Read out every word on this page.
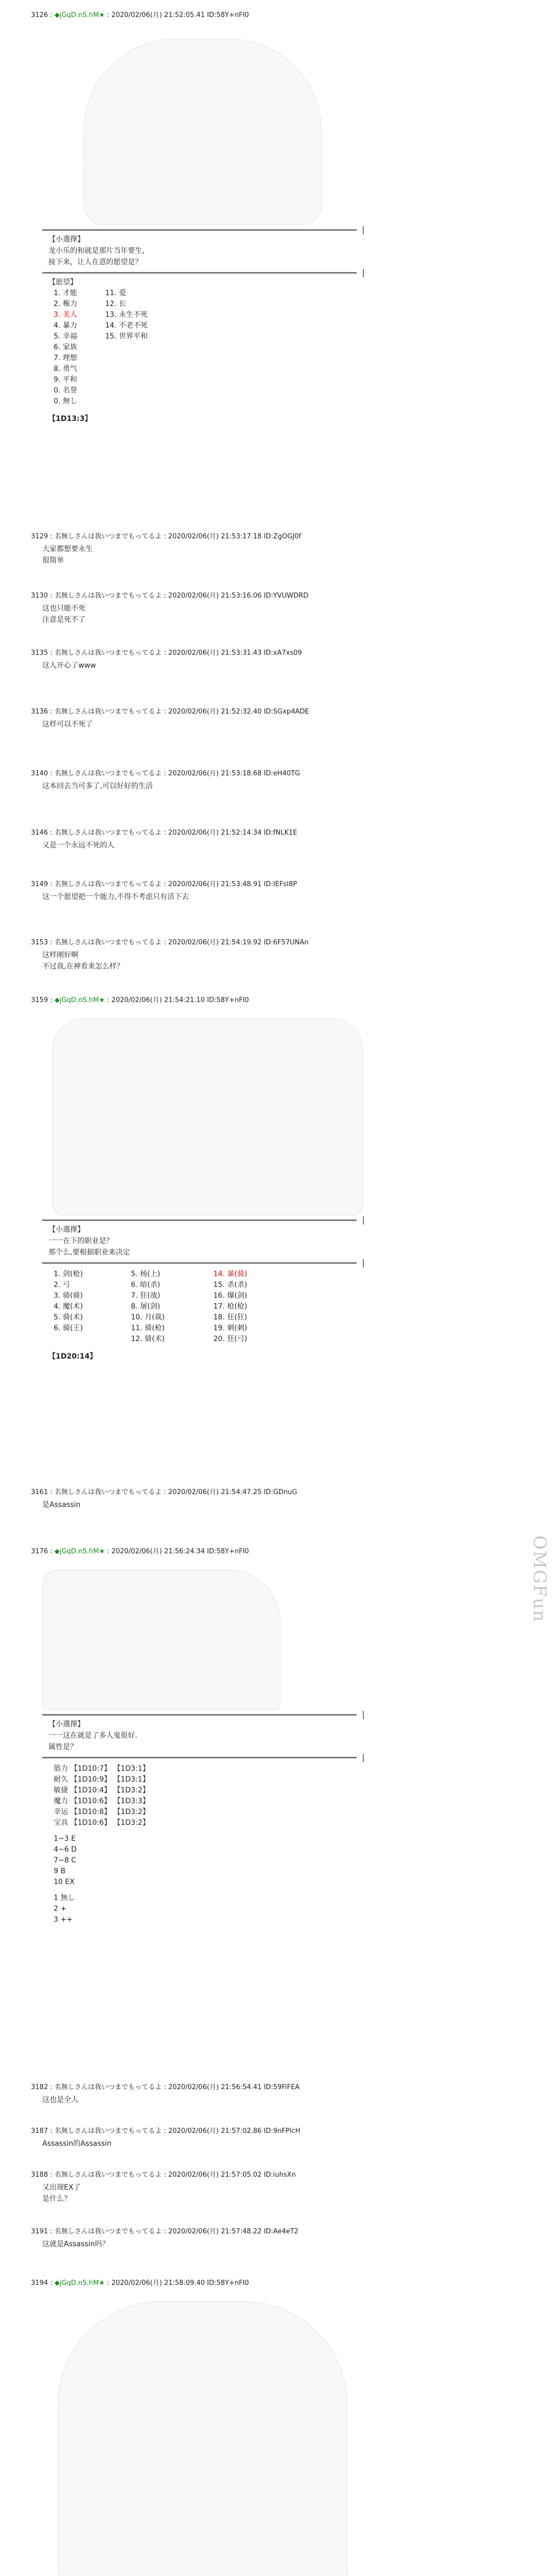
OMGFun
3126 : ◆jGqD.nS.hM★ : 2020/02/06(月) 21:52:05.41 ID:58Y+nFI0
【小選擇】
龙小乐的和就是那片当年要生,
接下来，让人在意的愿望是？
【愿望】
1. 才能
2. 権力
3. 美人
4. 暴力
5. 幸福
6. 家族
7. 理想
8. 勇气
9. 平和
0. 名誉
0. 無し
11. 爱
12. 长
13. 永生不死
14. 不老不死
15. 世界平和
【1D13:3】
3129 : 名無しさんは我いつまでもってるよ : 2020/02/06(月) 21:53:17.18 ID:ZgOGJ0f
大家都想要永生
很简单
3130 : 名無しさんは我いつまでもってるよ : 2020/02/06(月) 21:53:16.06 ID:YVUWDRD
这也只能不死
注意是死不了
3135 : 名無しさんは我いつまでもってるよ : 2020/02/06(月) 21:53:31.43 ID:xA7xs09
这人开心了www
3136 : 名無しさんは我いつまでもってるよ : 2020/02/06(月) 21:52:32.40 ID:SGxp4ADE
这样可以不死了
3140 : 名無しさんは我いつまでもってるよ : 2020/02/06(月) 21:53:18.68 ID:eH40TG
这本回去当可多了,可以好好的生活
3146 : 名無しさんは我いつまでもってるよ : 2020/02/06(月) 21:52:14.34 ID:fNLK1E
又是一个永远不死的人
3149 : 名無しさんは我いつまでもってるよ : 2020/02/06(月) 21:53:48.91 ID:IEFsI8P
这一个愿望把一个能力,不得不考虑只有活下去
3153 : 名無しさんは我いつまでもってるよ : 2020/02/06(月) 21:54:19.92 ID:6F57UNAn
这样刚好啊
不过我,在神看来怎么样？
3159 : ◆jGqD.nS.hM★ : 2020/02/06(月) 21:54:21.10 ID:58Y+nFI0
【小選擇】
一一在下的职业是？
那个么,要根据职业来决定
1. 剑(枪)
2. 弓
3. 骑(骑)
4. 魔(术)
5. 骑(术)
6. 骑(王)
5. 杨(上)
6. 暗(杀)
7. 狂(战)
8. 屠(剑)
10. 月(裁)
11. 骑(枪)
12. 骑(术)
14. 暴(骑)
15. 杀(杀)
16. 爆(剑)
17. 枪(枪)
18. 狂(狂)
19. 刺(刺)
20. 狂(弓)
【1D20:14】
3161 : 名無しさんは我いつまでもってるよ : 2020/02/06(月) 21:54:47.25 ID:GDnuG
是Assassin
3176 : ◆jGqD.nS.hM★ : 2020/02/06(月) 21:56:24.34 ID:58Y+nFI0
【小選擇】
一一这在就是了多人鬼很好.
属性是？
筋力 【1D10:7】 【1D3:1】
耐久 【1D10:9】 【1D3:1】
敏捷 【1D10:4】 【1D3:2】
魔力 【1D10:6】 【1D3:3】
幸运 【1D10:8】 【1D3:2】
宝具 【1D10:6】 【1D3:2】
1~3 E
4~6 D
7~8 C
9 B
10 EX
1 無し
2 +
3 ++
3182 : 名無しさんは我いつまでもってるよ : 2020/02/06(月) 21:56:54.41 ID:59FiFEA
这也是全人
3187 : 名無しさんは我いつまでもってるよ : 2020/02/06(月) 21:57:02.86 ID:9nFPIcH
Assassin的Assassin
3188 : 名無しさんは我いつまでもってるよ : 2020/02/06(月) 21:57:05.02 ID:iuhsXn
又出现EX了
是什么？
3191 : 名無しさんは我いつまでもってるよ : 2020/02/06(月) 21:57:48.22 ID:Ae4eT2
这就是Assassin吗？
3194 : ◆jGqD.nS.hM★ : 2020/02/06(月) 21:58:09.40 ID:58Y+nFI0
